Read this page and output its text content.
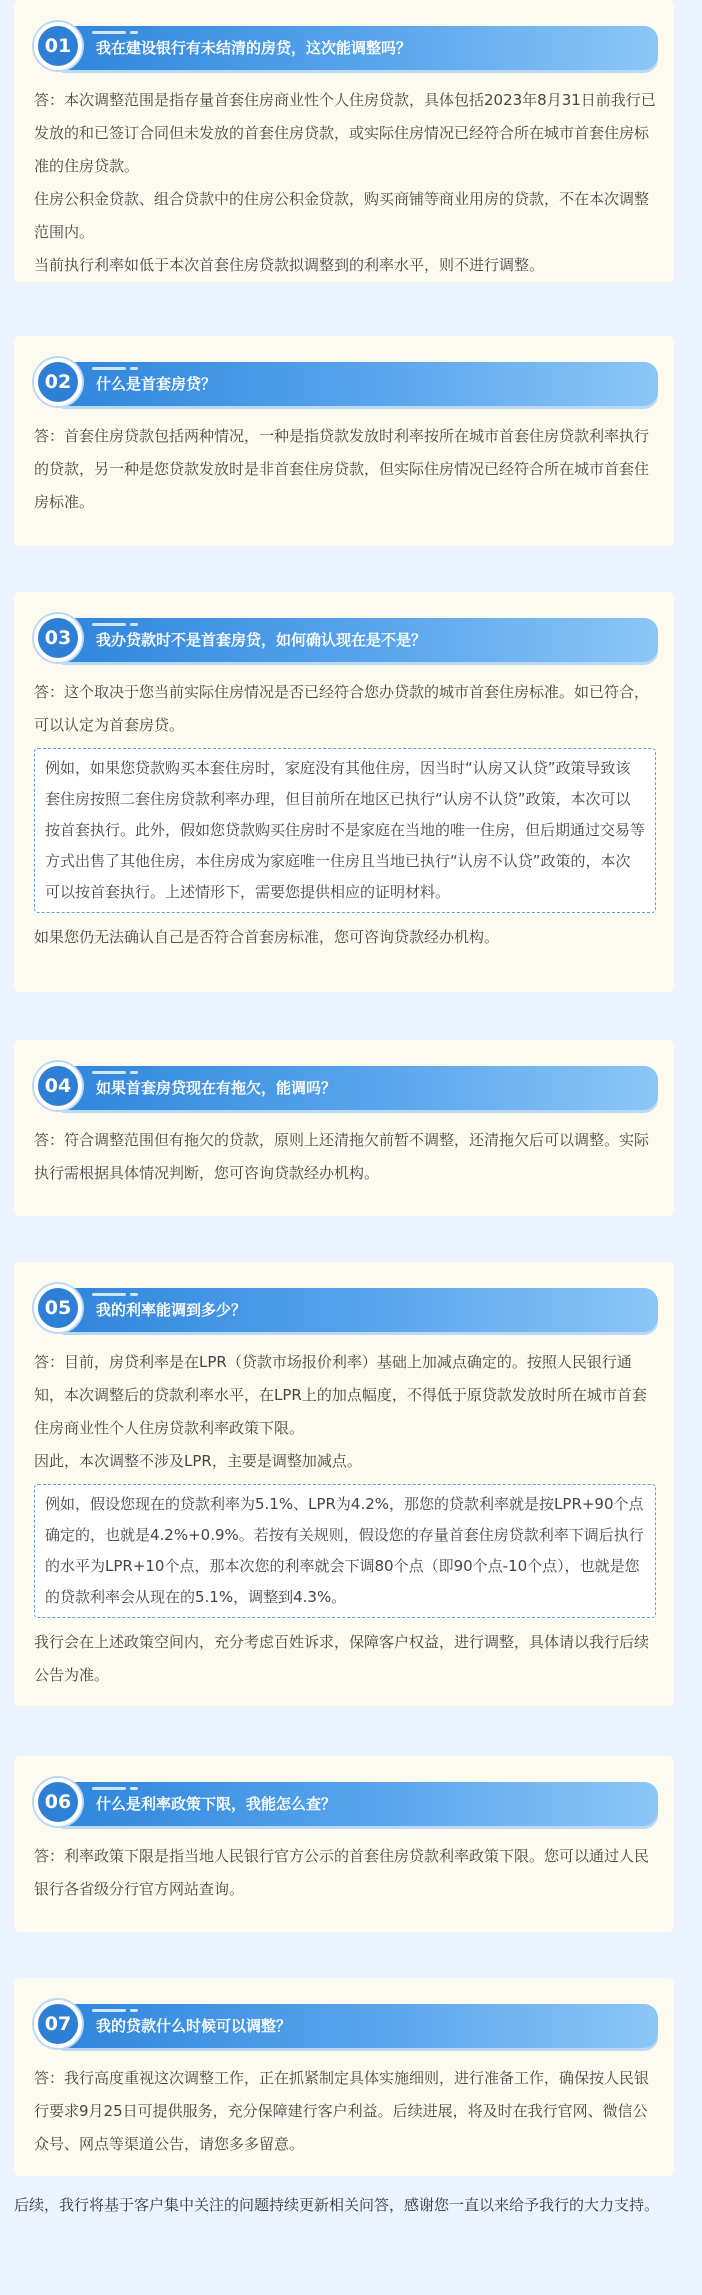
我在建设银行有未结清的房贷，这次能调整吗？
01

答：本次调整范围是指存量首套住房商业性个人住房贷款，具体包括2023年8月31日前我行已发放的和已签订合同但未发放的首套住房贷款，或实际住房情况已经符合所在城市首套住房标准的住房贷款。

住房公积金贷款、组合贷款中的住房公积金贷款，购买商铺等商业用房的贷款，不在本次调整范围内。

当前执行利率如低于本次首套住房贷款拟调整到的利率水平，则不进行调整。

什么是首套房贷？
02

答：首套住房贷款包括两种情况，一种是指贷款发放时利率按所在城市首套住房贷款利率执行的贷款，另一种是您贷款发放时是非首套住房贷款，但实际住房情况已经符合所在城市首套住房标准。

我办贷款时不是首套房贷，如何确认现在是不是？
03

答：这个取决于您当前实际住房情况是否已经符合您办贷款的城市首套住房标准。如已符合，可以认定为首套房贷。

例如，如果您贷款购买本套住房时，家庭没有其他住房，因当时“认房又认贷”政策导致该套住房按照二套住房贷款利率办理，但目前所在地区已执行“认房不认贷”政策，本次可以按首套执行。此外，假如您贷款购买住房时不是家庭在当地的唯一住房，但后期通过交易等方式出售了其他住房，本住房成为家庭唯一住房且当地已执行“认房不认贷”政策的，本次可以按首套执行。上述情形下，需要您提供相应的证明材料。

如果您仍无法确认自己是否符合首套房标准，您可咨询贷款经办机构。

如果首套房贷现在有拖欠，能调吗？
04

答：符合调整范围但有拖欠的贷款，原则上还清拖欠前暂不调整，还清拖欠后可以调整。实际执行需根据具体情况判断，您可咨询贷款经办机构。

我的利率能调到多少？
05

答：目前，房贷利率是在LPR（贷款市场报价利率）基础上加减点确定的。按照人民银行通知，本次调整后的贷款利率水平，在LPR上的加点幅度，不得低于原贷款发放时所在城市首套住房商业性个人住房贷款利率政策下限。

因此，本次调整不涉及LPR，主要是调整加减点。

例如，假设您现在的贷款利率为5.1%、LPR为4.2%，那您的贷款利率就是按LPR+90个点确定的，也就是4.2%+0.9%。若按有关规则，假设您的存量首套住房贷款利率下调后执行的水平为LPR+10个点，那本次您的利率就会下调80个点（即90个点-10个点），也就是您的贷款利率会从现在的5.1%，调整到4.3%。

我行会在上述政策空间内，充分考虑百姓诉求，保障客户权益，进行调整，具体请以我行后续公告为准。

什么是利率政策下限，我能怎么查？
06

答：利率政策下限是指当地人民银行官方公示的首套住房贷款利率政策下限。您可以通过人民银行各省级分行官方网站查询。

我的贷款什么时候可以调整？
07

答：我行高度重视这次调整工作，正在抓紧制定具体实施细则，进行准备工作，确保按人民银行要求9月25日可提供服务，充分保障建行客户利益。后续进展，将及时在我行官网、微信公众号、网点等渠道公告，请您多多留意。

后续，我行将基于客户集中关注的问题持续更新相关问答，感谢您一直以来给予我行的大力支持。
